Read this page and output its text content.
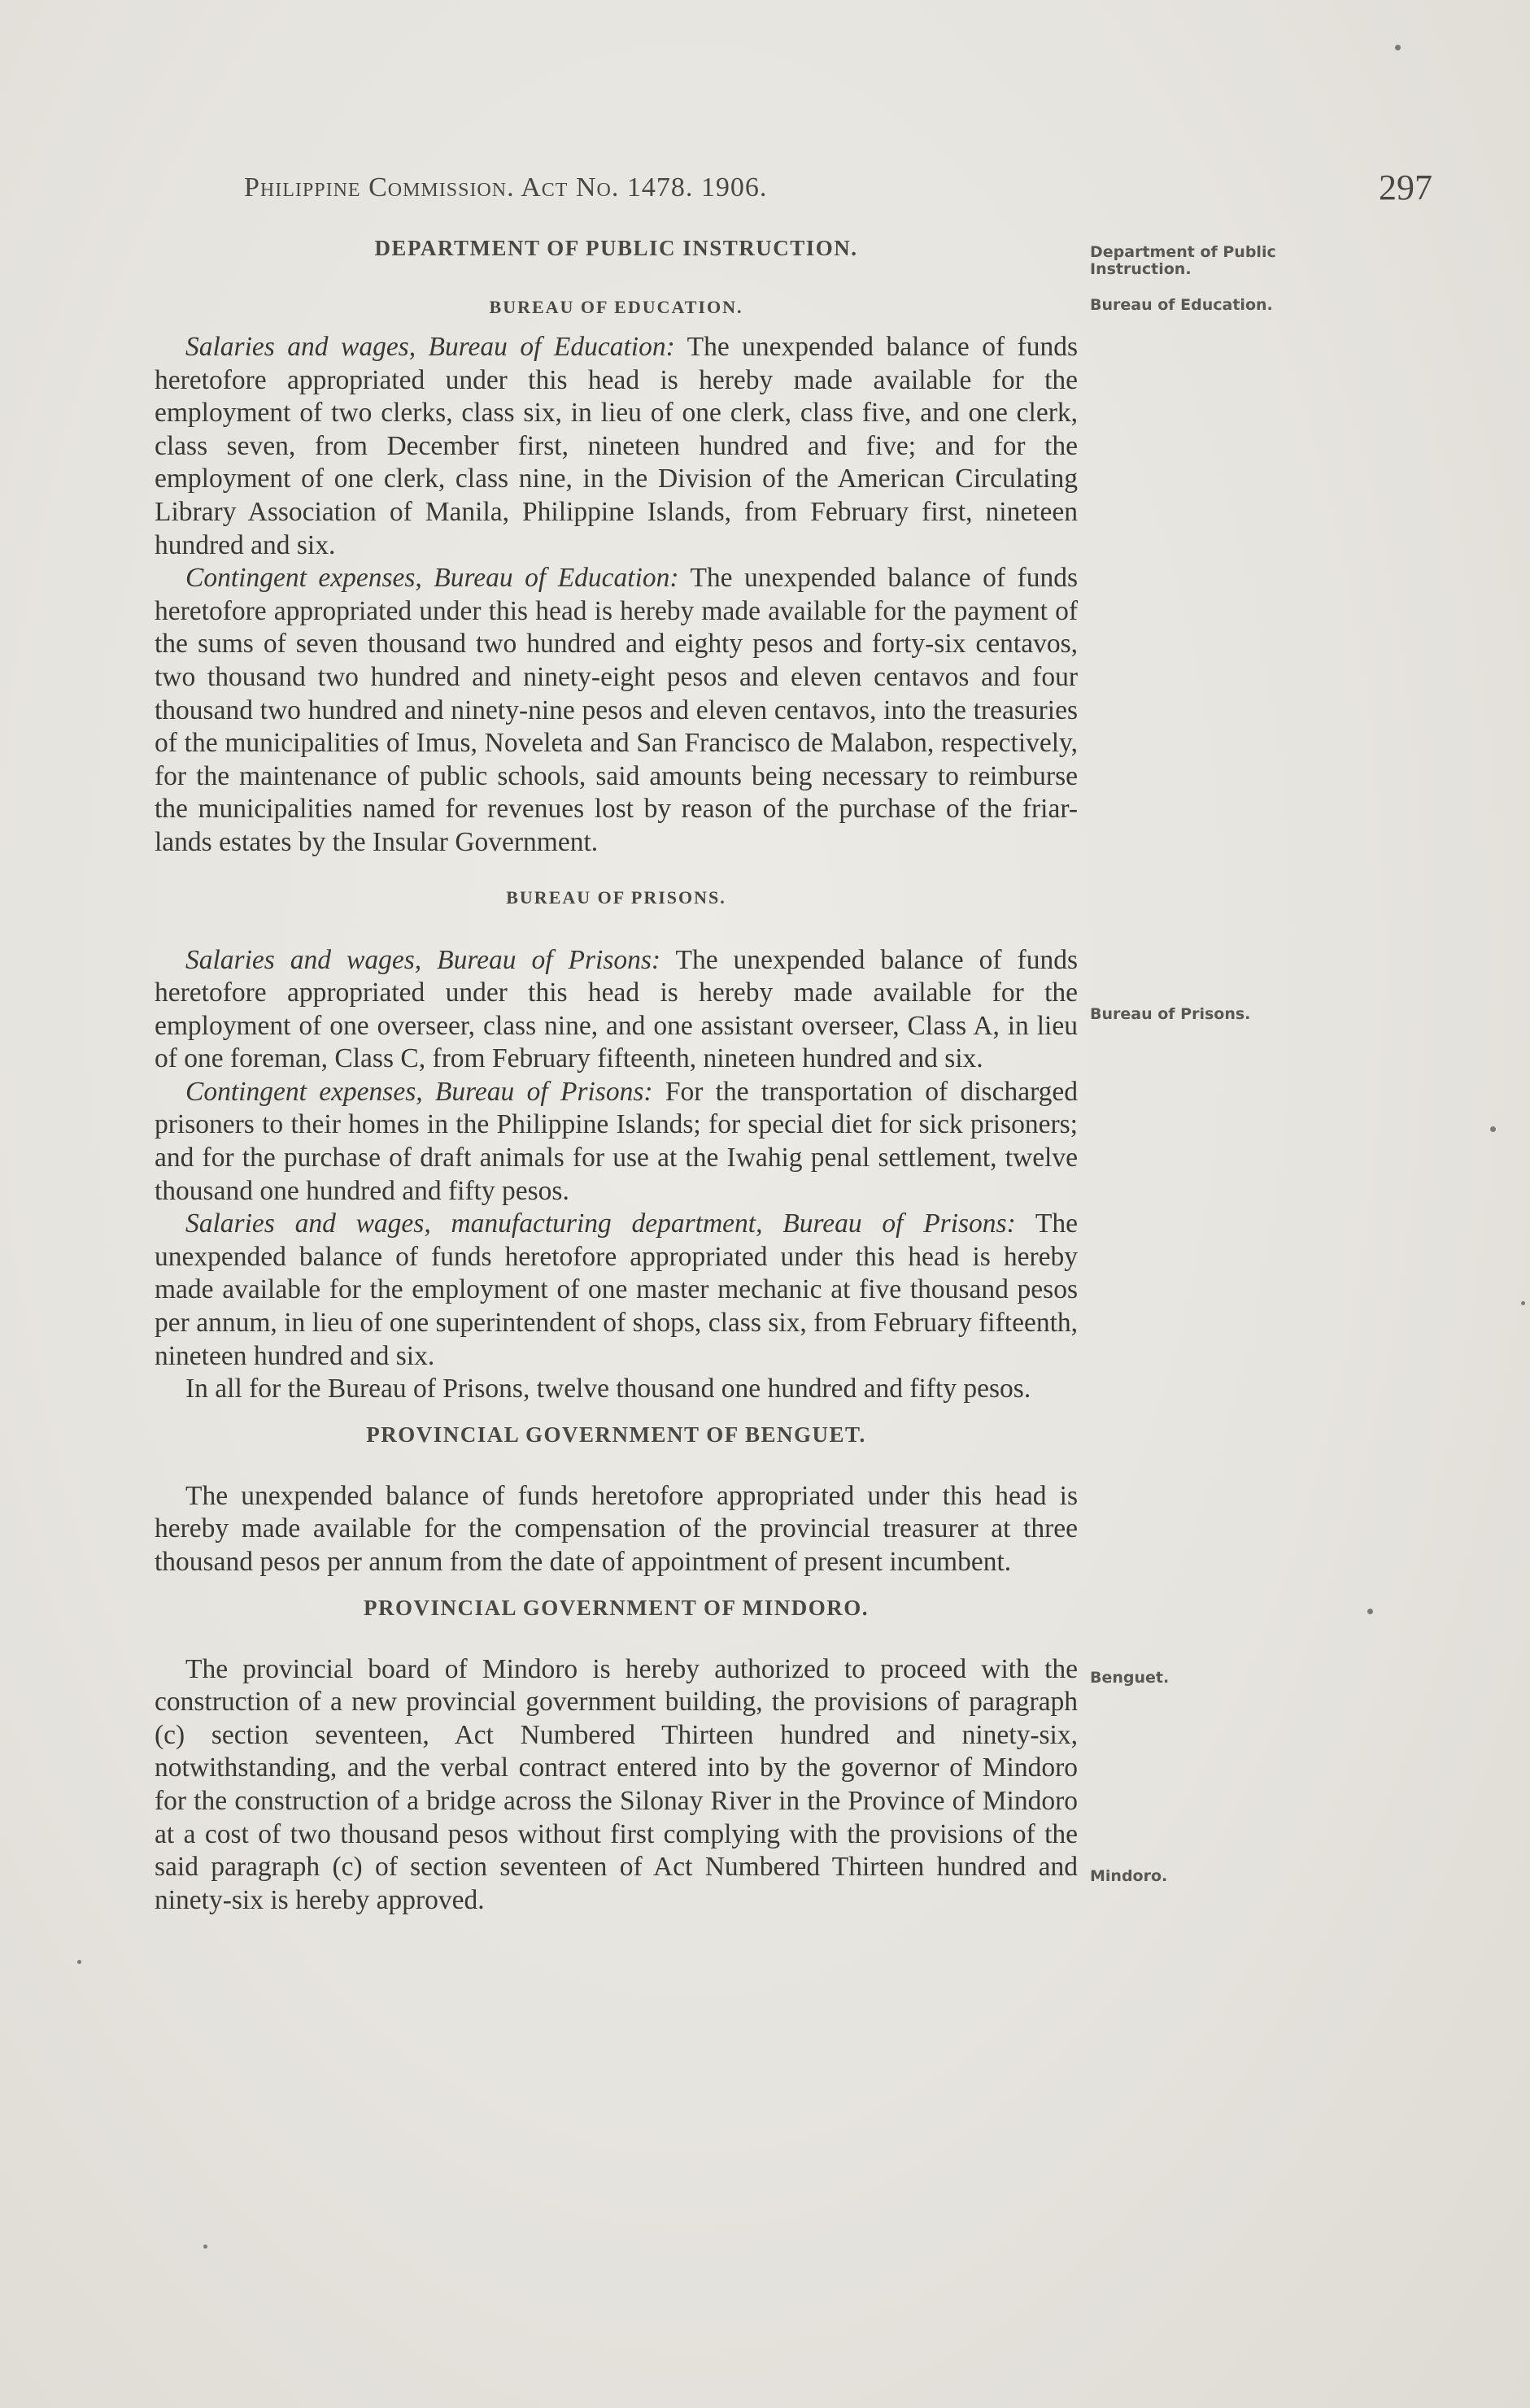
Philippine Commission. Act No. 1478. 1906.	297
Department of Public Instruction.
Bureau of Education.
Bureau of Prisons.
Benguet.
Mindoro.
DEPARTMENT OF PUBLIC INSTRUCTION.
BUREAU OF EDUCATION.

Salaries and wages, Bureau of Education: The unexpended balance of funds heretofore appropriated under this head is hereby made available for the employment of two clerks, class six, in lieu of one clerk, class five, and one clerk, class seven, from December first, nineteen hundred and five; and for the employment of one clerk, class nine, in the Division of the American Circulating Library Association of Manila, Philippine Islands, from February first, nineteen hundred and six.

Contingent expenses, Bureau of Education: The unexpended balance of funds heretofore appropriated under this head is hereby made available for the payment of the sums of seven thousand two hundred and eighty pesos and forty-six centavos, two thousand two hundred and ninety-eight pesos and eleven centavos and four thousand two hundred and ninety-nine pesos and eleven centavos, into the treasuries of the municipalities of Imus, Noveleta and San Francisco de Malabon, respectively, for the maintenance of public schools, said amounts being necessary to reimburse the municipalities named for revenues lost by reason of the purchase of the friar-lands estates by the Insular Government.

BUREAU OF PRISONS.

Salaries and wages, Bureau of Prisons: The unexpended balance of funds heretofore appropriated under this head is hereby made available for the employment of one overseer, class nine, and one assistant overseer, Class A, in lieu of one foreman, Class C, from February fifteenth, nineteen hundred and six.

Contingent expenses, Bureau of Prisons: For the transportation of discharged prisoners to their homes in the Philippine Islands; for special diet for sick prisoners; and for the purchase of draft animals for use at the Iwahig penal settlement, twelve thousand one hundred and fifty pesos.

Salaries and wages, manufacturing department, Bureau of Prisons: The unexpended balance of funds heretofore appropriated under this head is hereby made available for the employment of one master mechanic at five thousand pesos per annum, in lieu of one superintendent of shops, class six, from February fifteenth, nineteen hundred and six.

In all for the Bureau of Prisons, twelve thousand one hundred and fifty pesos.

PROVINCIAL GOVERNMENT OF BENGUET.

The unexpended balance of funds heretofore appropriated under this head is hereby made available for the compensation of the provincial treasurer at three thousand pesos per annum from the date of appointment of present incumbent.

PROVINCIAL GOVERNMENT OF MINDORO.

The provincial board of Mindoro is hereby authorized to proceed with the construction of a new provincial government building, the provisions of paragraph (c) section seventeen, Act Numbered Thirteen hundred and ninety-six, notwithstanding, and the verbal contract entered into by the governor of Mindoro for the construction of a bridge across the Silonay River in the Province of Mindoro at a cost of two thousand pesos without first complying with the provisions of the said paragraph (c) of section seventeen of Act Numbered Thirteen hundred and ninety-six is hereby approved.
